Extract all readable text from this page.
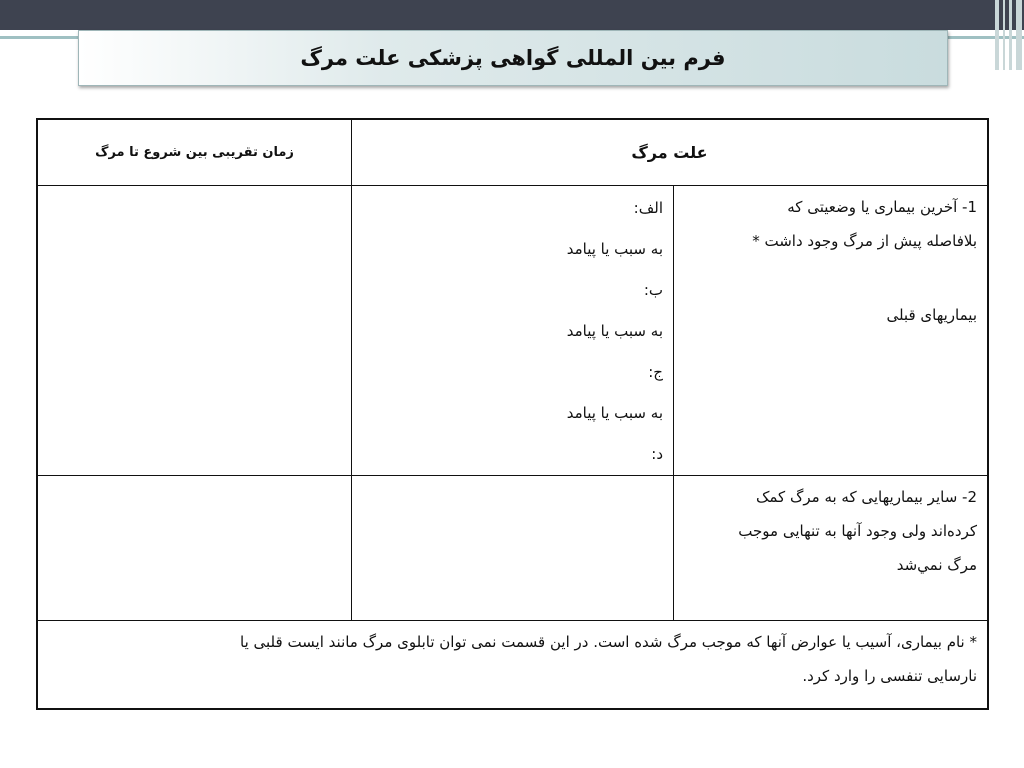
فرم بین المللی گواهی پزشکی علت مرگ
علت مرگ
زمان تقریبی بین شروع تا مرگ

1- آخرین بیماری یا وضعیتی که

بلافاصله پیش از مرگ وجود داشت *

بیماریهای قبلی

الف:

به سبب یا پیامد

ب:

به سبب یا پیامد

ج:

به سبب یا پیامد

د:

2- سایر بیماریهایی که به مرگ کمک

کرده‌اند ولی وجود آنها به تنهایی موجب

مرگ نمي‌شد

* نام بیماری، آسیب یا عوارض آنها که موجب مرگ شده است. در این قسمت نمی توان تابلوی مرگ مانند ایست قلبی یا

نارسایی تنفسی را وارد کرد.
